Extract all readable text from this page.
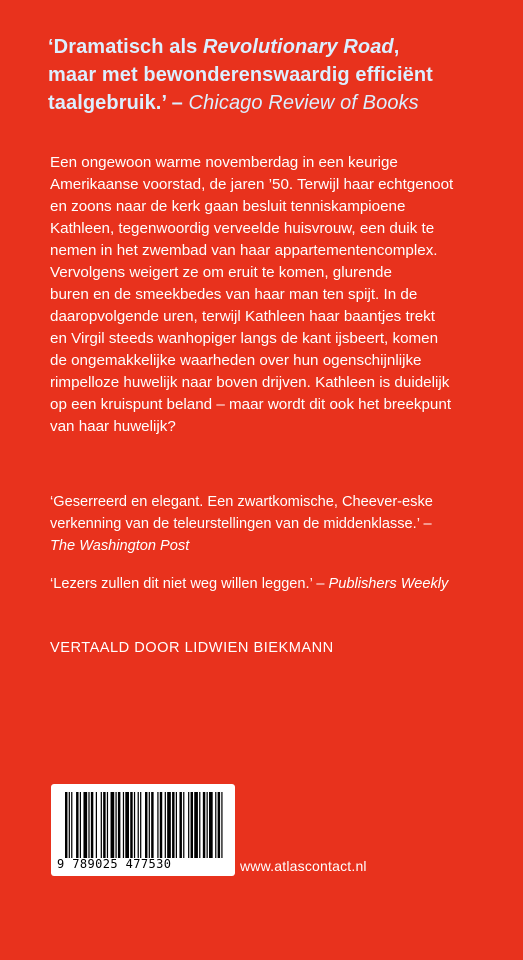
‘Dramatisch als Revolutionary Road,
maar met bewonderenswaardig efficiënt
taalgebruik.’ – Chicago Review of Books
Een ongewoon warme novemberdag in een keurige
Amerikaanse voorstad, de jaren ’50. Terwijl haar echtgenoot
en zoons naar de kerk gaan besluit tenniskampioene
Kathleen, tegenwoordig verveelde huisvrouw, een duik te
nemen in het zwembad van haar appartementencomplex.
Vervolgens weigert ze om eruit te komen, glurende
buren en de smeekbedes van haar man ten spijt. In de
daaropvolgende uren, terwijl Kathleen haar baantjes trekt
en Virgil steeds wanhopiger langs de kant ijsbeert, komen
de ongemakkelijke waarheden over hun ogenschijnlijke
rimpelloze huwelijk naar boven drijven. Kathleen is duidelijk
op een kruispunt beland – maar wordt dit ook het breekpunt
van haar huwelijk?
‘Geserreerd en elegant. Een zwartkomische, Cheever-eske
verkenning van de teleurstellingen van de middenklasse.’ –
The Washington Post
‘Lezers zullen dit niet weg willen leggen.’ – Publishers Weekly
VERTAALD DOOR LIDWIEN BIEKMANN
9 789025 477530	www.atlascontact.nl
